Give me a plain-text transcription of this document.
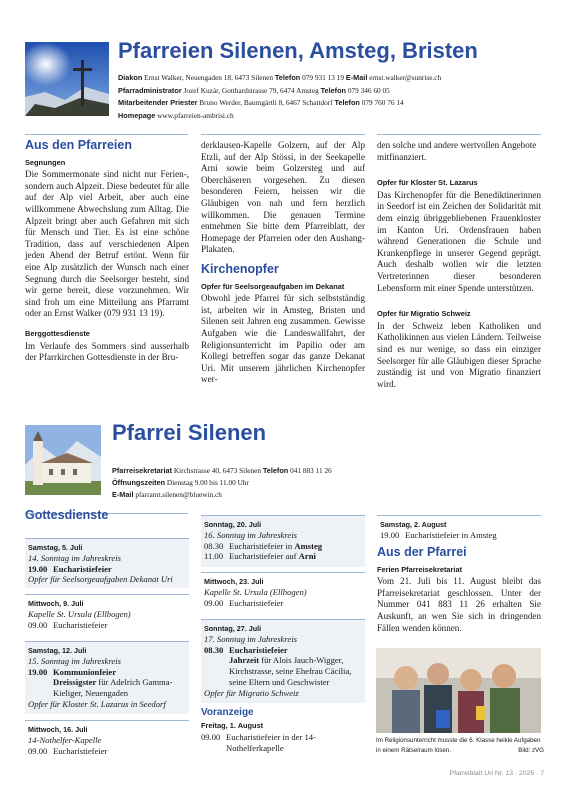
Pfarreien Silenen, Amsteg, Bristen
Diakon Ernst Walker, Neuengaden 18, 6473 Silenen Telefon 079 931 13 19 E-Mail ernst.walker@sunrise.ch
Pfarradministrator Jozef Kuzár, Gotthardstrasse 79, 6474 Amsteg Telefon 079 346 60 05
Mitarbeitender Priester Bruno Werder, Baumgärtli 8, 6467 Schattdorf Telefon 079 760 76 14
Homepage www.pfarreien-ambrisi.ch
Aus den Pfarreien
Segnungen

Die Sommermonate sind nicht nur Ferien-, sondern auch Alpzeit. Diese bedeutet für alle auf der Alp viel Arbeit, aber auch eine willkommene Abwechslung zum Alltag. Die Alpzeit bringt aber auch Gefahren mit sich für Mensch und Tier. Es ist eine schöne Tradition, dass auf verschiedenen Alpen jeden Abend der Betruf ertönt. Wenn für eine Alp zusätzlich der Wunsch nach einer Segnung durch die Seelsorger besteht, sind wir gerne bereit, diese vorzunehmen. Wir sind froh um eine Mitteilung ans Pfarramt oder an Ernst Walker (079 931 13 19).

Berggottesdienste

Im Verlaufe des Sommers sind ausserhalb der Pfarrkirchen Gottesdienste in der Bru-

derklausen-Kapelle Golzern, auf der Alp Etzli, auf der Alp Stössi, in der Seekapelle Arni sowie beim Golzersteg und auf Oberchäseren vorgesehen. Zu diesen besonderen Feiern, heissen wir die Gläubigen von nah und fern herzlich willkommen. Die genauen Termine entnehmen Sie bitte dem Pfarreiblatt, der Homepage der Pfarreien oder den Aushang-Plakaten.

Kirchenopfer
Opfer für Seelsorgeaufgaben im Dekanat

Obwohl jede Pfarrei für sich selbstständig ist, arbeiten wir in Amsteg, Bristen und Silenen seit Jahren eng zusammen. Gewisse Aufgaben wie die Landeswallfahrt, der Religionsunterricht im Papilio oder am Kollegi betreffen sogar das ganze Dekanat Uri. Mit unserem jährlichen Kirchenopfer wer-

den solche und andere wertvollen Angebote mitfinanziert.

Opfer für Kloster St. Lazarus

Das Kirchenopfer für die Benediktinerinnen in Seedorf ist ein Zeichen der Solidarität mit dem einzig übriggebliebenen Frauenkloster im Kanton Uri. Ordensfrauen haben während Generationen die Schule und Krankenpflege in unserer Gegend geprägt. Auch deshalb wollen wir die letzten Vertreterinnen dieser besonderen Lebensform mit einer Spende unterstützen.

Opfer für Migratio Schweiz

In der Schweiz leben Katholiken und Katholikinnen aus vielen Ländern. Teilweise sind es nur wenige, so dass ein einziger Seelsorger für alle Gläubigen dieser Sprache zuständig ist und von Migratio finanziert wird.

Pfarrei Silenen
Pfarreisekretariat Kirchstrasse 40, 6473 Silenen Telefon 041 883 11 26
Öffnungszeiten Dienstag 9.00 bis 11.00 Uhr
E-Mail pfarramt.silenen@bluewin.ch
Gottesdienste
Samstag, 5. Juli
14. Sonntag im Jahreskreis
19.00 Eucharistiefeier
Opfer für Seelsorgeaufgaben Dekanat Uri
Mittwoch, 9. Juli
Kapelle St. Ursula (Ellbogen)
09.00 Eucharistiefeier
Samstag, 12. Juli
15. Sonntag im Jahreskreis
19.00 Kommunionfeier
Dreissigster für Adelrich Gamma-Kieliger, Neuengaden
Opfer für Kloster St. Lazarus in Seedorf
Mittwoch, 16. Juli
14-Nothelfer-Kapelle
09.00 Eucharistiefeier
Sonntag, 20. Juli
16. Sonntag im Jahreskreis
08.30 Eucharistiefeier in Amsteg
11.00 Eucharistiefeier auf Arni
Mittwoch, 23. Juli
Kapelle St. Ursula (Ellbogen)
09.00 Eucharistiefeier
Sonntag, 27. Juli
17. Sonntag im Jahreskreis
08.30 Eucharistiefeier
Jahrzeit für Alois Jauch-Wigger, Kirchstrasse, seine Ehefrau Cäcilia, seine Eltern und Geschwister
Opfer für Migratio Schweiz
Voranzeige
Freitag, 1. August
09.00 Eucharistiefeier in der 14-Nothelferkapelle
Samstag, 2. August
19.00 Eucharistiefeier in Amsteg
Aus der Pfarrei
Ferien Pfarreisekretariat

Vom 21. Juli bis 11. August bleibt das Pfarreisekretariat geschlossen. Unter der Nummer 041 883 11 26 erhalten Sie Auskunft, an wen Sie sich in dringenden Fällen wenden können.

Im Religionsunterricht musste die 6. Klasse heikle Aufgaben in einem Rätselraum lösen.	Bild: zVG
Pfarreiblatt Uri Nr. 13 · 2025 · 7
